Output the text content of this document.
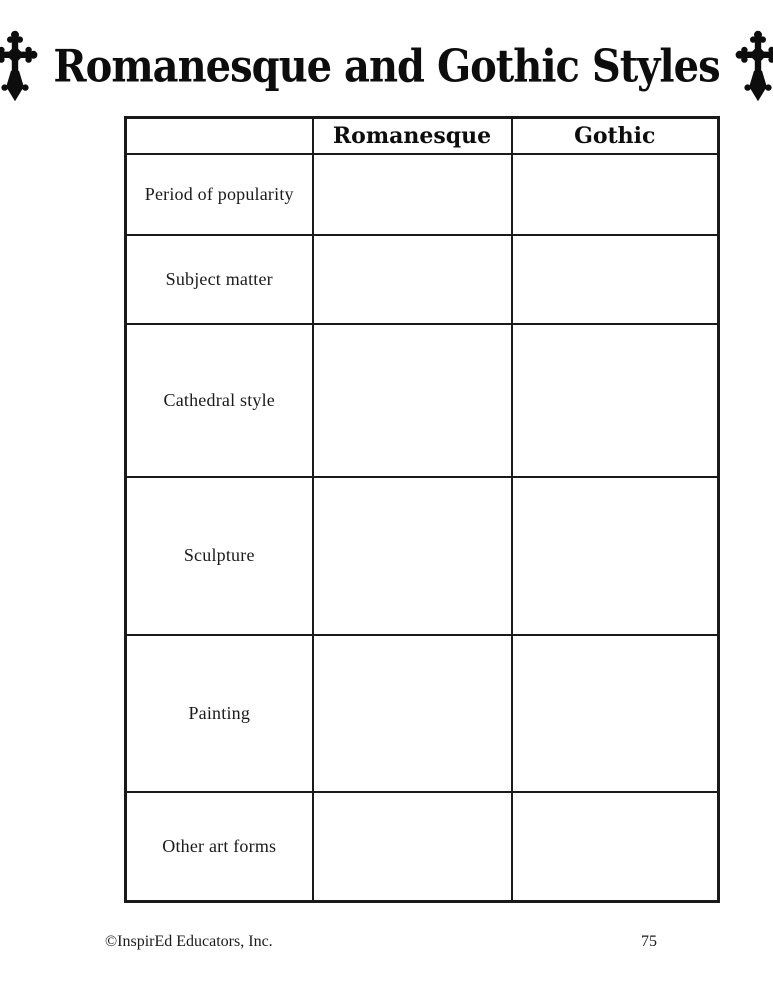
Romanesque and Gothic Styles
	Romanesque	Gothic
Period of popularity		
Subject matter		
Cathedral style		
Sculpture		
Painting		
Other art forms		
©InspirEd Educators, Inc.	75
